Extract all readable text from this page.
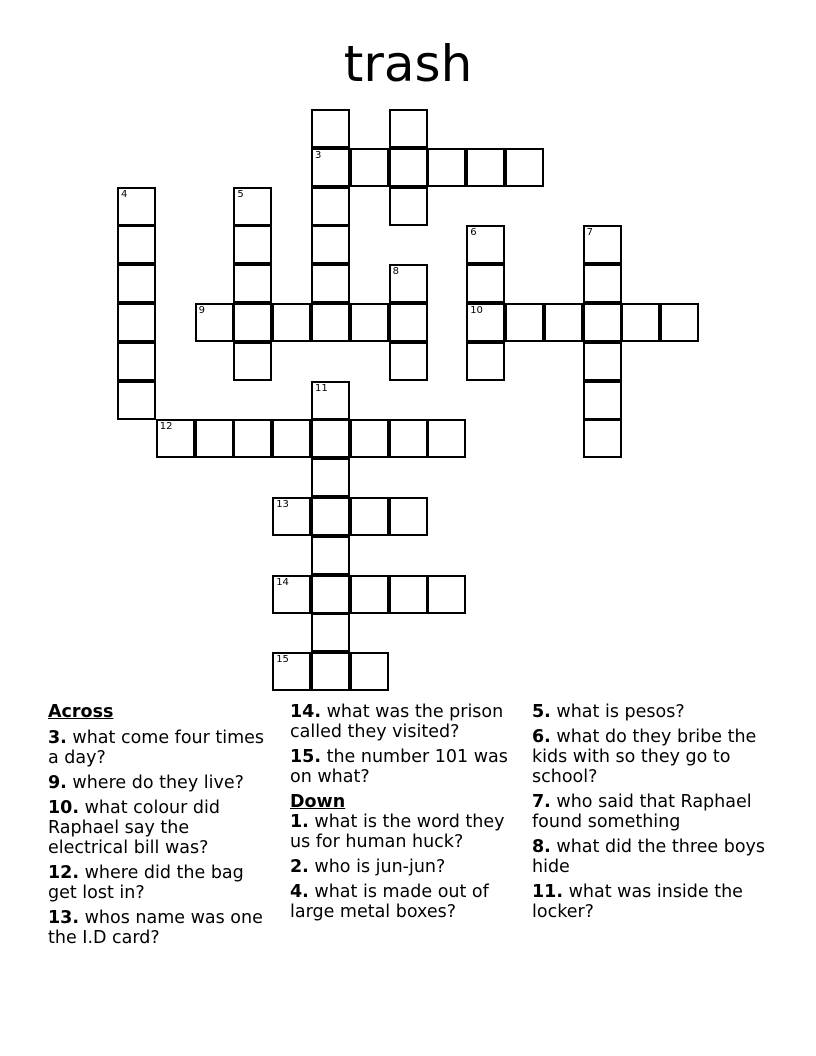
trash
3
4	5
6	7
8
9	10
11
12
13
14
15
Across
3. what come four times a day?
9. where do they live?
10. what colour did Raphael say the electrical bill was?
12. where did the bag get lost in?
13. whos name was one the I.D card?
14. what was the prison called they visited?
15. the number 101 was on what?
Down
1. what is the word they us for human huck?
2. who is jun-jun?
4. what is made out of large metal boxes?
5. what is pesos?
6. what do they bribe the kids with so they go to school?
7. who said that Raphael found something
8. what did the three boys hide
11. what was inside the locker?
